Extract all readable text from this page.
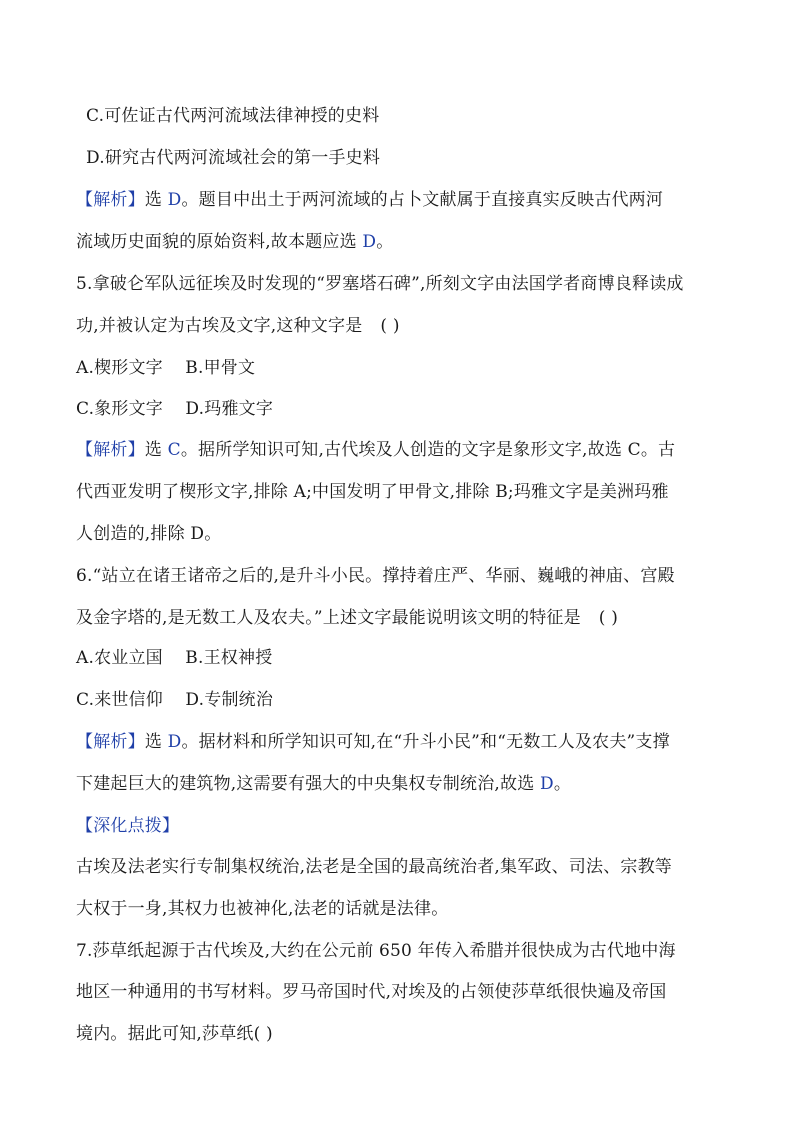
C.可佐证古代两河流域法律神授的史料
D.研究古代两河流域社会的第一手史料
【解析】选 D。题目中出土于两河流域的占卜文献属于直接真实反映古代两河
流域历史面貌的原始资料,故本题应选 D。
5.拿破仑军队远征埃及时发现的“罗塞塔石碑”,所刻文字由法国学者商博良释读成
功,并被认定为古埃及文字,这种文字是 ( )
A.楔形文字    B.甲骨文
C.象形文字    D.玛雅文字
【解析】选 C。据所学知识可知,古代埃及人创造的文字是象形文字,故选 C。古
代西亚发明了楔形文字,排除 A;中国发明了甲骨文,排除 B;玛雅文字是美洲玛雅
人创造的,排除 D。
6.“站立在诸王诸帝之后的,是升斗小民。撑持着庄严、华丽、巍峨的神庙、宫殿
及金字塔的,是无数工人及农夫。”上述文字最能说明该文明的特征是 ( )
A.农业立国    B.王权神授
C.来世信仰    D.专制统治
【解析】选 D。据材料和所学知识可知,在“升斗小民”和“无数工人及农夫”支撑
下建起巨大的建筑物,这需要有强大的中央集权专制统治,故选 D。
【深化点拨】
古埃及法老实行专制集权统治,法老是全国的最高统治者,集军政、司法、宗教等
大权于一身,其权力也被神化,法老的话就是法律。
7.莎草纸起源于古代埃及,大约在公元前 650 年传入希腊并很快成为古代地中海
地区一种通用的书写材料。罗马帝国时代,对埃及的占领使莎草纸很快遍及帝国
境内。据此可知,莎草纸( )
